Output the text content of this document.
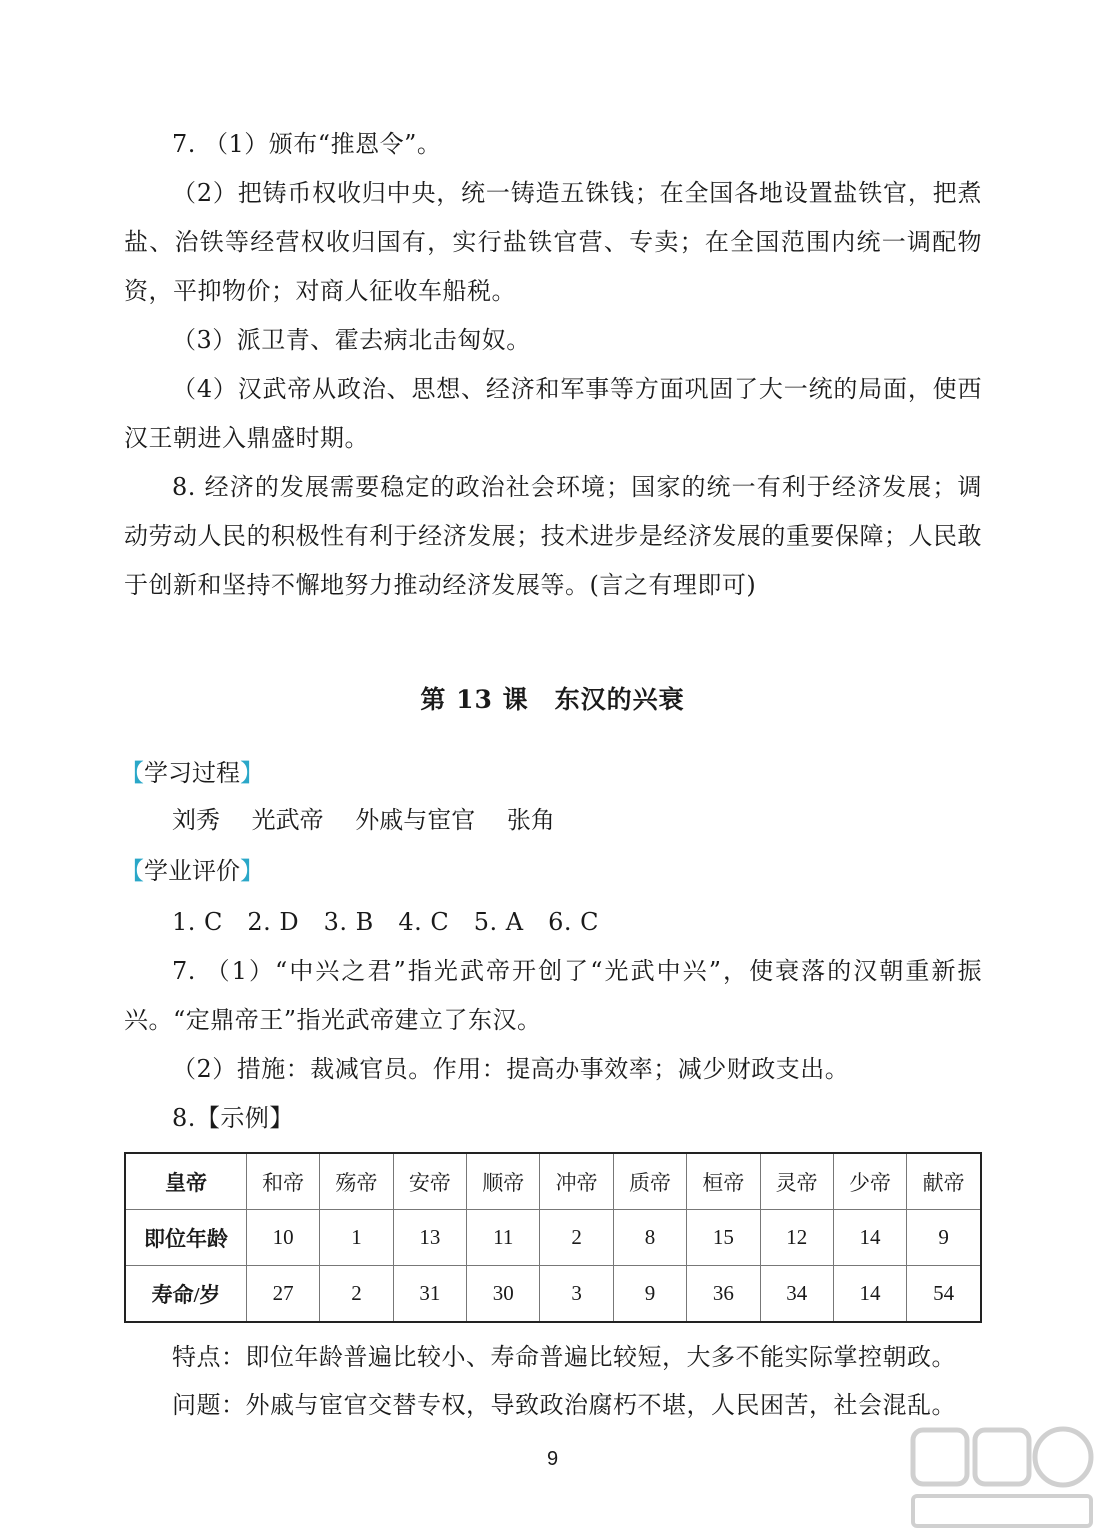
7. （1）颁布“推恩令”。

（2）把铸币权收归中央，统一铸造五铢钱；在全国各地设置盐铁官，把煮盐、治铁等经营权收归国有，实行盐铁官营、专卖；在全国范围内统一调配物资，平抑物价；对商人征收车船税。

（3）派卫青、霍去病北击匈奴。

（4）汉武帝从政治、思想、经济和军事等方面巩固了大一统的局面，使西汉王朝进入鼎盛时期。

8. 经济的发展需要稳定的政治社会环境；国家的统一有利于经济发展；调动劳动人民的积极性有利于经济发展；技术进步是经济发展的重要保障；人民敢于创新和坚持不懈地努力推动经济发展等。(言之有理即可)

第 13 课　东汉的兴衰

【学习过程】

刘秀 光武帝 外戚与宦官 张角

【学业评价】

1. C　2. D　3. B　4. C　5. A　6. C

7. （1）“中兴之君”指光武帝开创了“光武中兴”，使衰落的汉朝重新振兴。“定鼎帝王”指光武帝建立了东汉。

（2）措施：裁减官员。作用：提高办事效率；减少财政支出。

8.【示例】

皇帝	和帝	殇帝	安帝	顺帝	冲帝	质帝	桓帝	灵帝	少帝	献帝
即位年龄	10	1	13	11	2	8	15	12	14	9
寿命/岁	27	2	31	30	3	9	36	34	14	54

特点：即位年龄普遍比较小、寿命普遍比较短，大多不能实际掌控朝政。

问题：外戚与宦官交替专权，导致政治腐朽不堪，人民困苦，社会混乱。

9
